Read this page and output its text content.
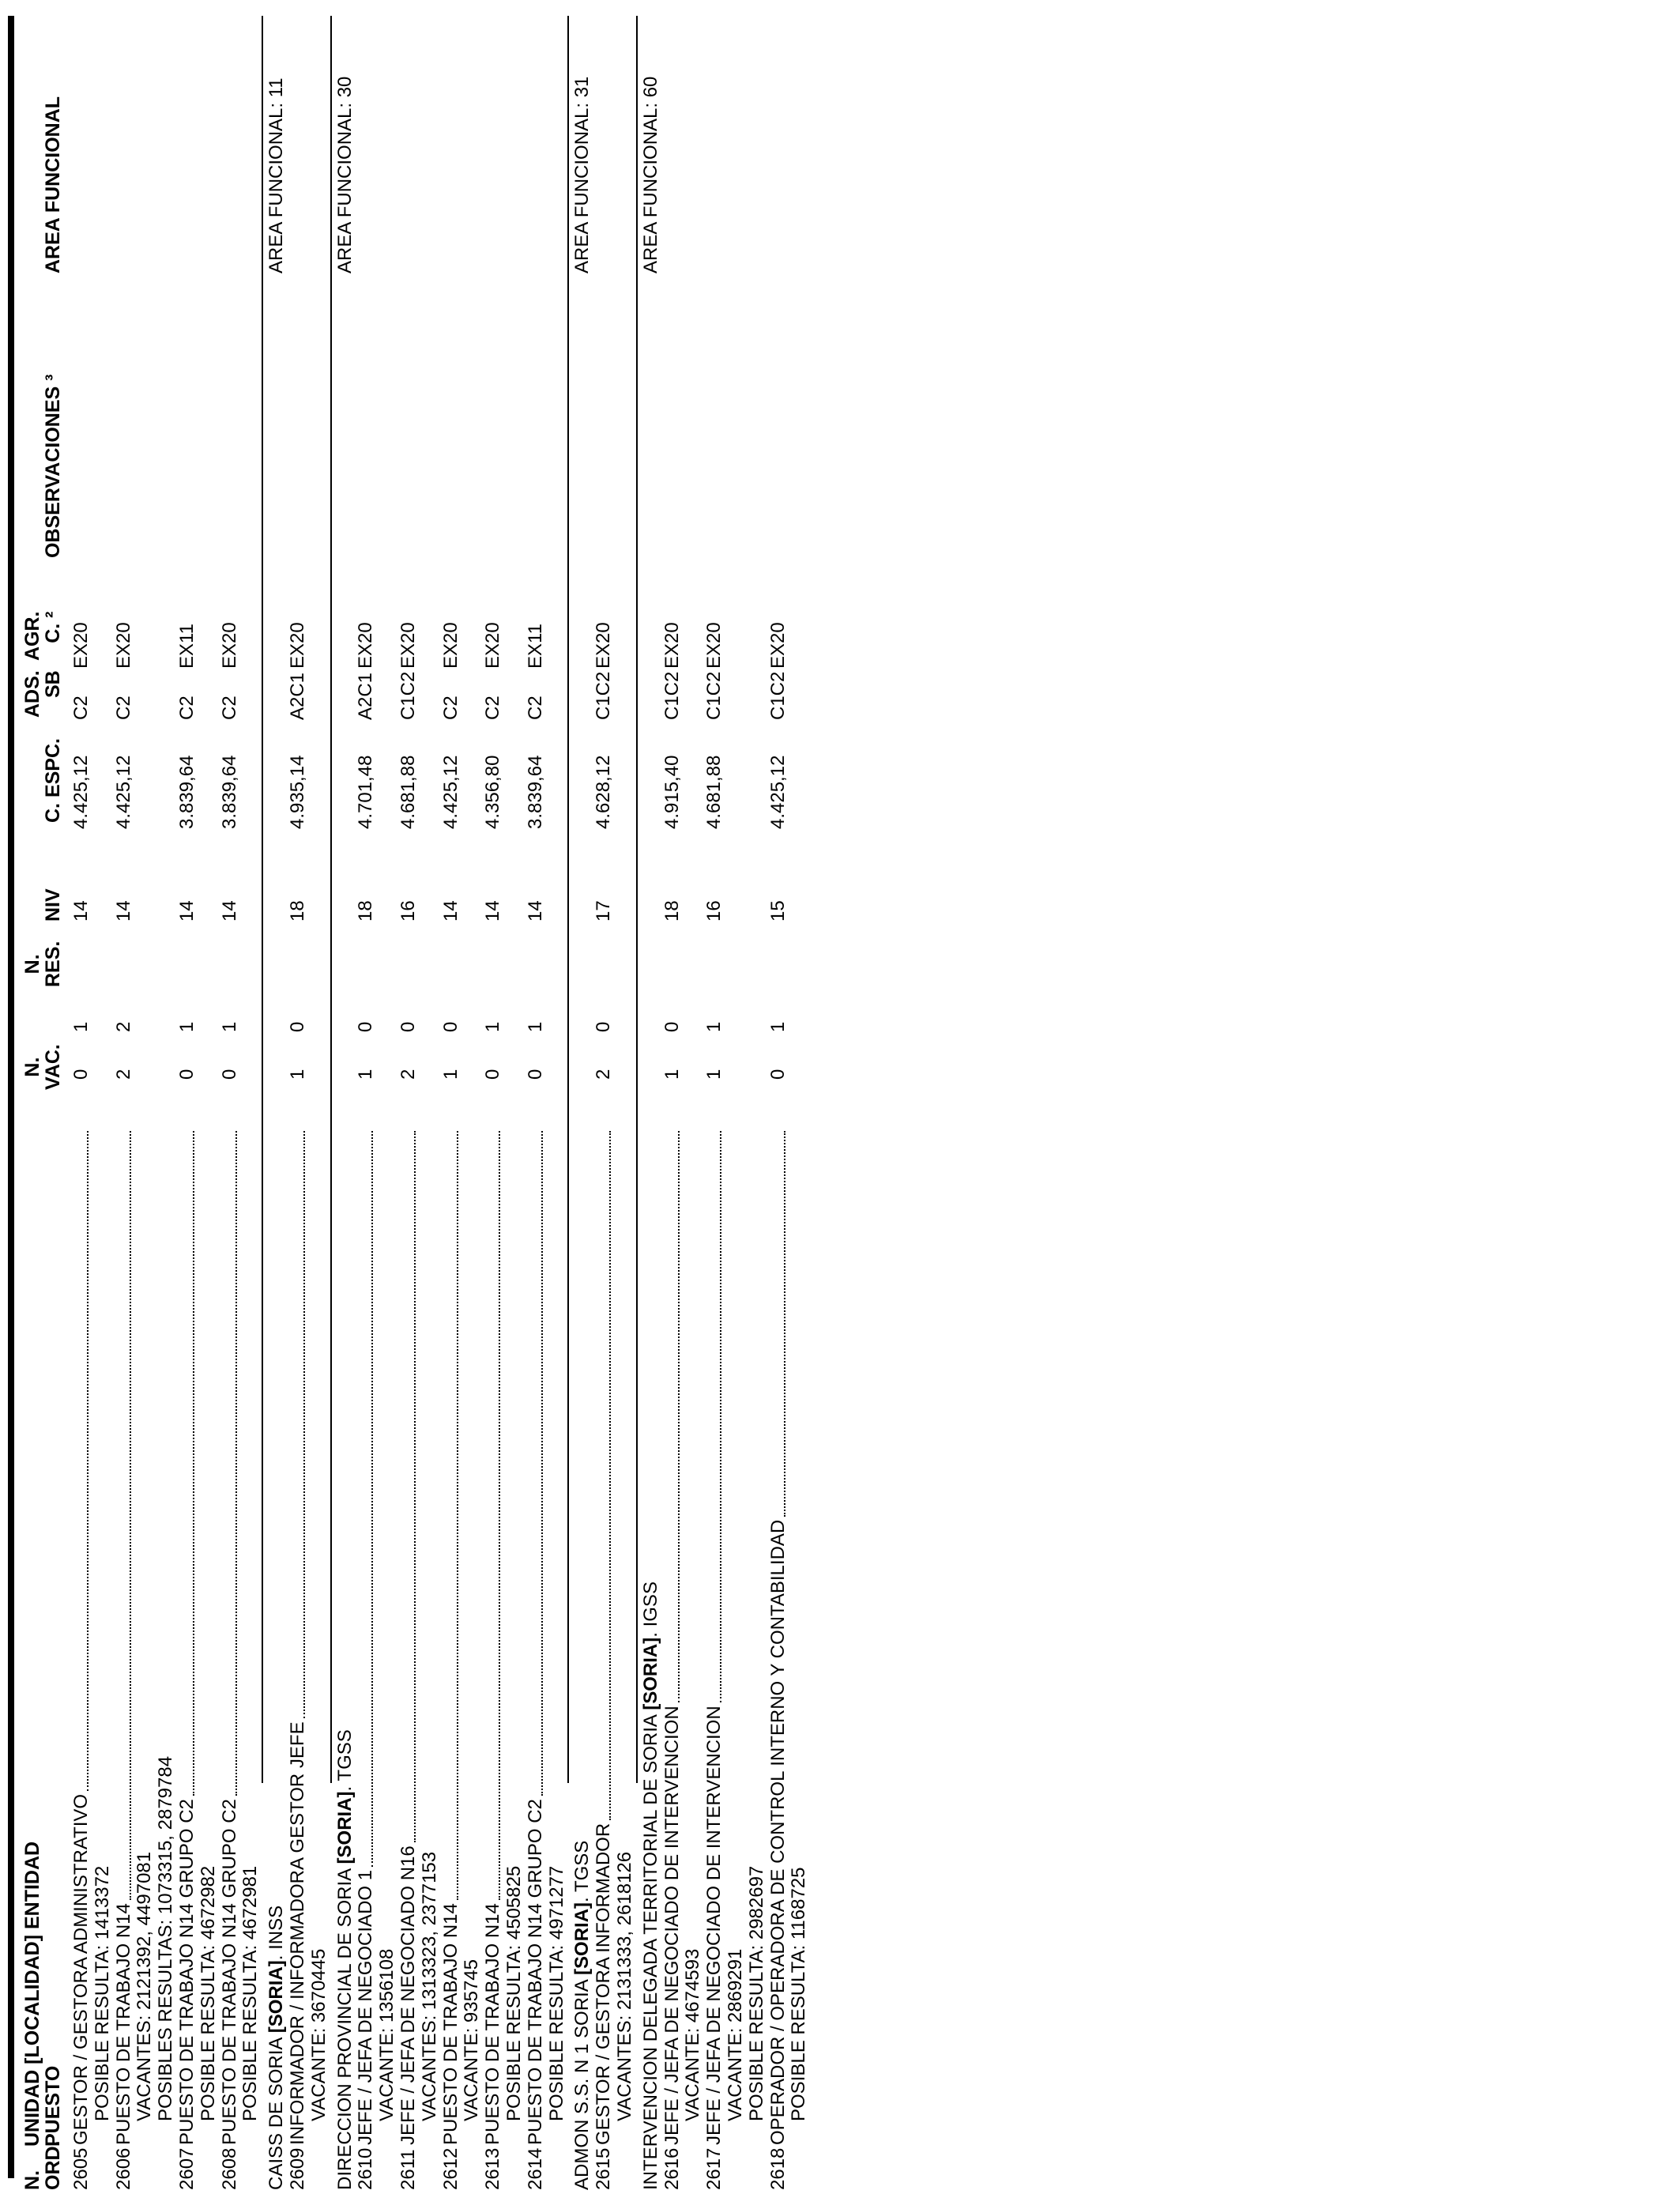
N.
ORD.
UNIDAD [LOCALIDAD] ENTIDAD
PUESTO
N.
VAC.
N.
RES.
NIV
C. ESPC.
ADS.
SB
AGR.
C. ²
OBSERVACIONES ³
AREA FUNCIONAL
2605
GESTOR / GESTORA ADMINISTRATIVO
0
1
14
4.425,12
C2
EX20
POSIBLE RESULTA: 1413372
2606
PUESTO DE TRABAJO N14
2
2
14
4.425,12
C2
EX20
VACANTES: 2121392, 4497081 POSIBLES RESULTAS: 1073315, 2879784
2607
PUESTO DE TRABAJO N14 GRUPO C2
0
1
14
3.839,64
C2
EX11
POSIBLE RESULTA: 4672982
2608
PUESTO DE TRABAJO N14 GRUPO C2
0
1
14
3.839,64
C2
EX20
POSIBLE RESULTA: 4672981 CAISS DE SORIA [SORIA]. INSS
AREA FUNCIONAL: 11
2609
INFORMADOR / INFORMADORA GESTOR JEFE
1
0
18
4.935,14
A2C1
EX20
VACANTE: 3670445 DIRECCION PROVINCIAL DE SORIA [SORIA]. TGSS
AREA FUNCIONAL: 30
2610
JEFE / JEFA DE NEGOCIADO 1
1
0
18
4.701,48
A2C1
EX20
VACANTE: 1356108
2611
JEFE / JEFA DE NEGOCIADO N16
2
0
16
4.681,88
C1C2
EX20
VACANTES: 1313323, 2377153
2612
PUESTO DE TRABAJO N14
1
0
14
4.425,12
C2
EX20
VACANTE: 935745
2613
PUESTO DE TRABAJO N14
0
1
14
4.356,80
C2
EX20
POSIBLE RESULTA: 4505825
2614
PUESTO DE TRABAJO N14 GRUPO C2
0
1
14
3.839,64
C2
EX11
POSIBLE RESULTA: 4971277 ADMON S.S. N 1 SORIA [SORIA]. TGSS
AREA FUNCIONAL: 31
2615
GESTOR / GESTORA INFORMADOR
2
0
17
4.628,12
C1C2
EX20
VACANTES: 2131333, 2618126 INTERVENCION DELEGADA TERRITORIAL DE SORIA [SORIA]. IGSS
AREA FUNCIONAL: 60
2616
JEFE / JEFA DE NEGOCIADO DE INTERVENCION
1
0
18
4.915,40
C1C2
EX20
VACANTE: 4674593
2617
JEFE / JEFA DE NEGOCIADO DE INTERVENCION
1
1
16
4.681,88
C1C2
EX20
VACANTE: 2869291 POSIBLE RESULTA: 2982697
2618
OPERADOR / OPERADORA DE CONTROL INTERNO Y CONTABILIDAD
0
1
15
4.425,12
C1C2
EX20
POSIBLE RESULTA: 1168725
